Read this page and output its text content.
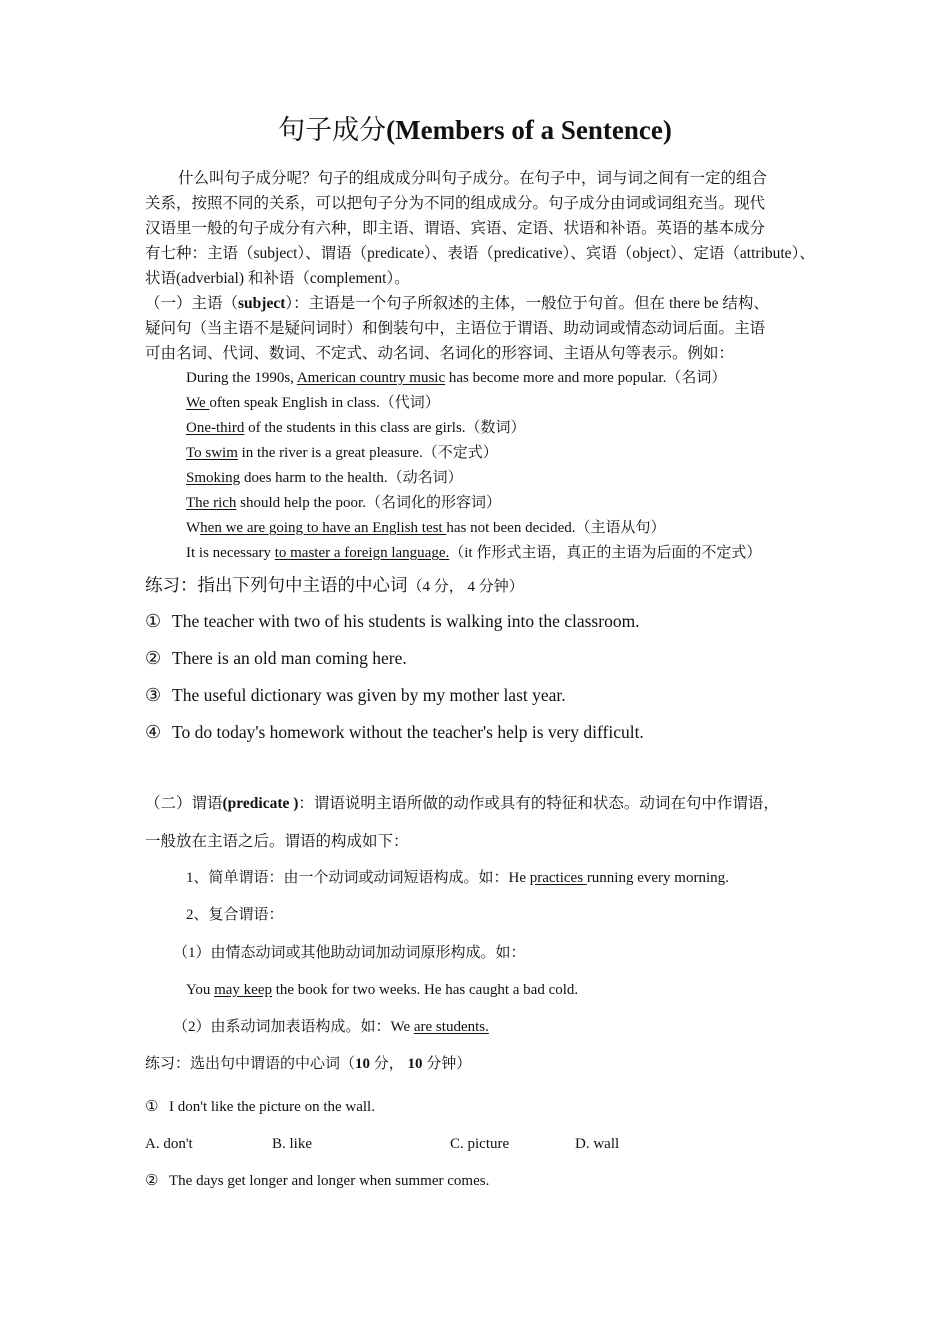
句子成分(Members of a Sentence)
什么叫句子成分呢？句子的组成成分叫句子成分。在句子中，词与词之间有一定的组合
关系，按照不同的关系，可以把句子分为不同的组成成分。句子成分由词或词组充当。现代
汉语里一般的句子成分有六种，即主语、谓语、宾语、定语、状语和补语。英语的基本成分
有七种：主语（subject）、谓语（predicate）、表语（predicative）、宾语（object）、定语（attribute）、
状语(adverbial) 和补语（complement）。
（一）主语（subject）：主语是一个句子所叙述的主体，一般位于句首。但在 there be 结构、
疑问句（当主语不是疑问词时）和倒装句中，主语位于谓语、助动词或情态动词后面。主语
可由名词、代词、数词、不定式、动名词、名词化的形容词、主语从句等表示。例如：
During the 1990s, American country music has become more and more popular.（名词）
We often speak English in class.（代词）
One-third of the students in this class are girls.（数词）
To swim in the river is a great pleasure.（不定式）
Smoking does harm to the health.（动名词）
The rich should help the poor.（名词化的形容词）
When we are going to have an English test has not been decided.（主语从句）
It is necessary to master a foreign language.（it 作形式主语，真正的主语为后面的不定式）
练习：指出下列句中主语的中心词（4 分， 4 分钟）
① The teacher with two of his students is walking into the classroom.
② There is an old man coming here.
③ The useful dictionary was given by my mother last year.
④ To do today's homework without the teacher's help is very difficult.
（二）谓语(predicate )：谓语说明主语所做的动作或具有的特征和状态。动词在句中作谓语，
一般放在主语之后。谓语的构成如下：
1、简单谓语：由一个动词或动词短语构成。如：He practices running every morning.
2、复合谓语：
（1）由情态动词或其他助动词加动词原形构成。如：
You may keep the book for two weeks. He has caught a bad cold.
（2）由系动词加表语构成。如：We are students.
练习：选出句中谓语的中心词（10 分， 10 分钟）
① I don't like the picture on the wall.
A. don't	B. like	C. picture	D. wall
② The days get longer and longer when summer comes.
